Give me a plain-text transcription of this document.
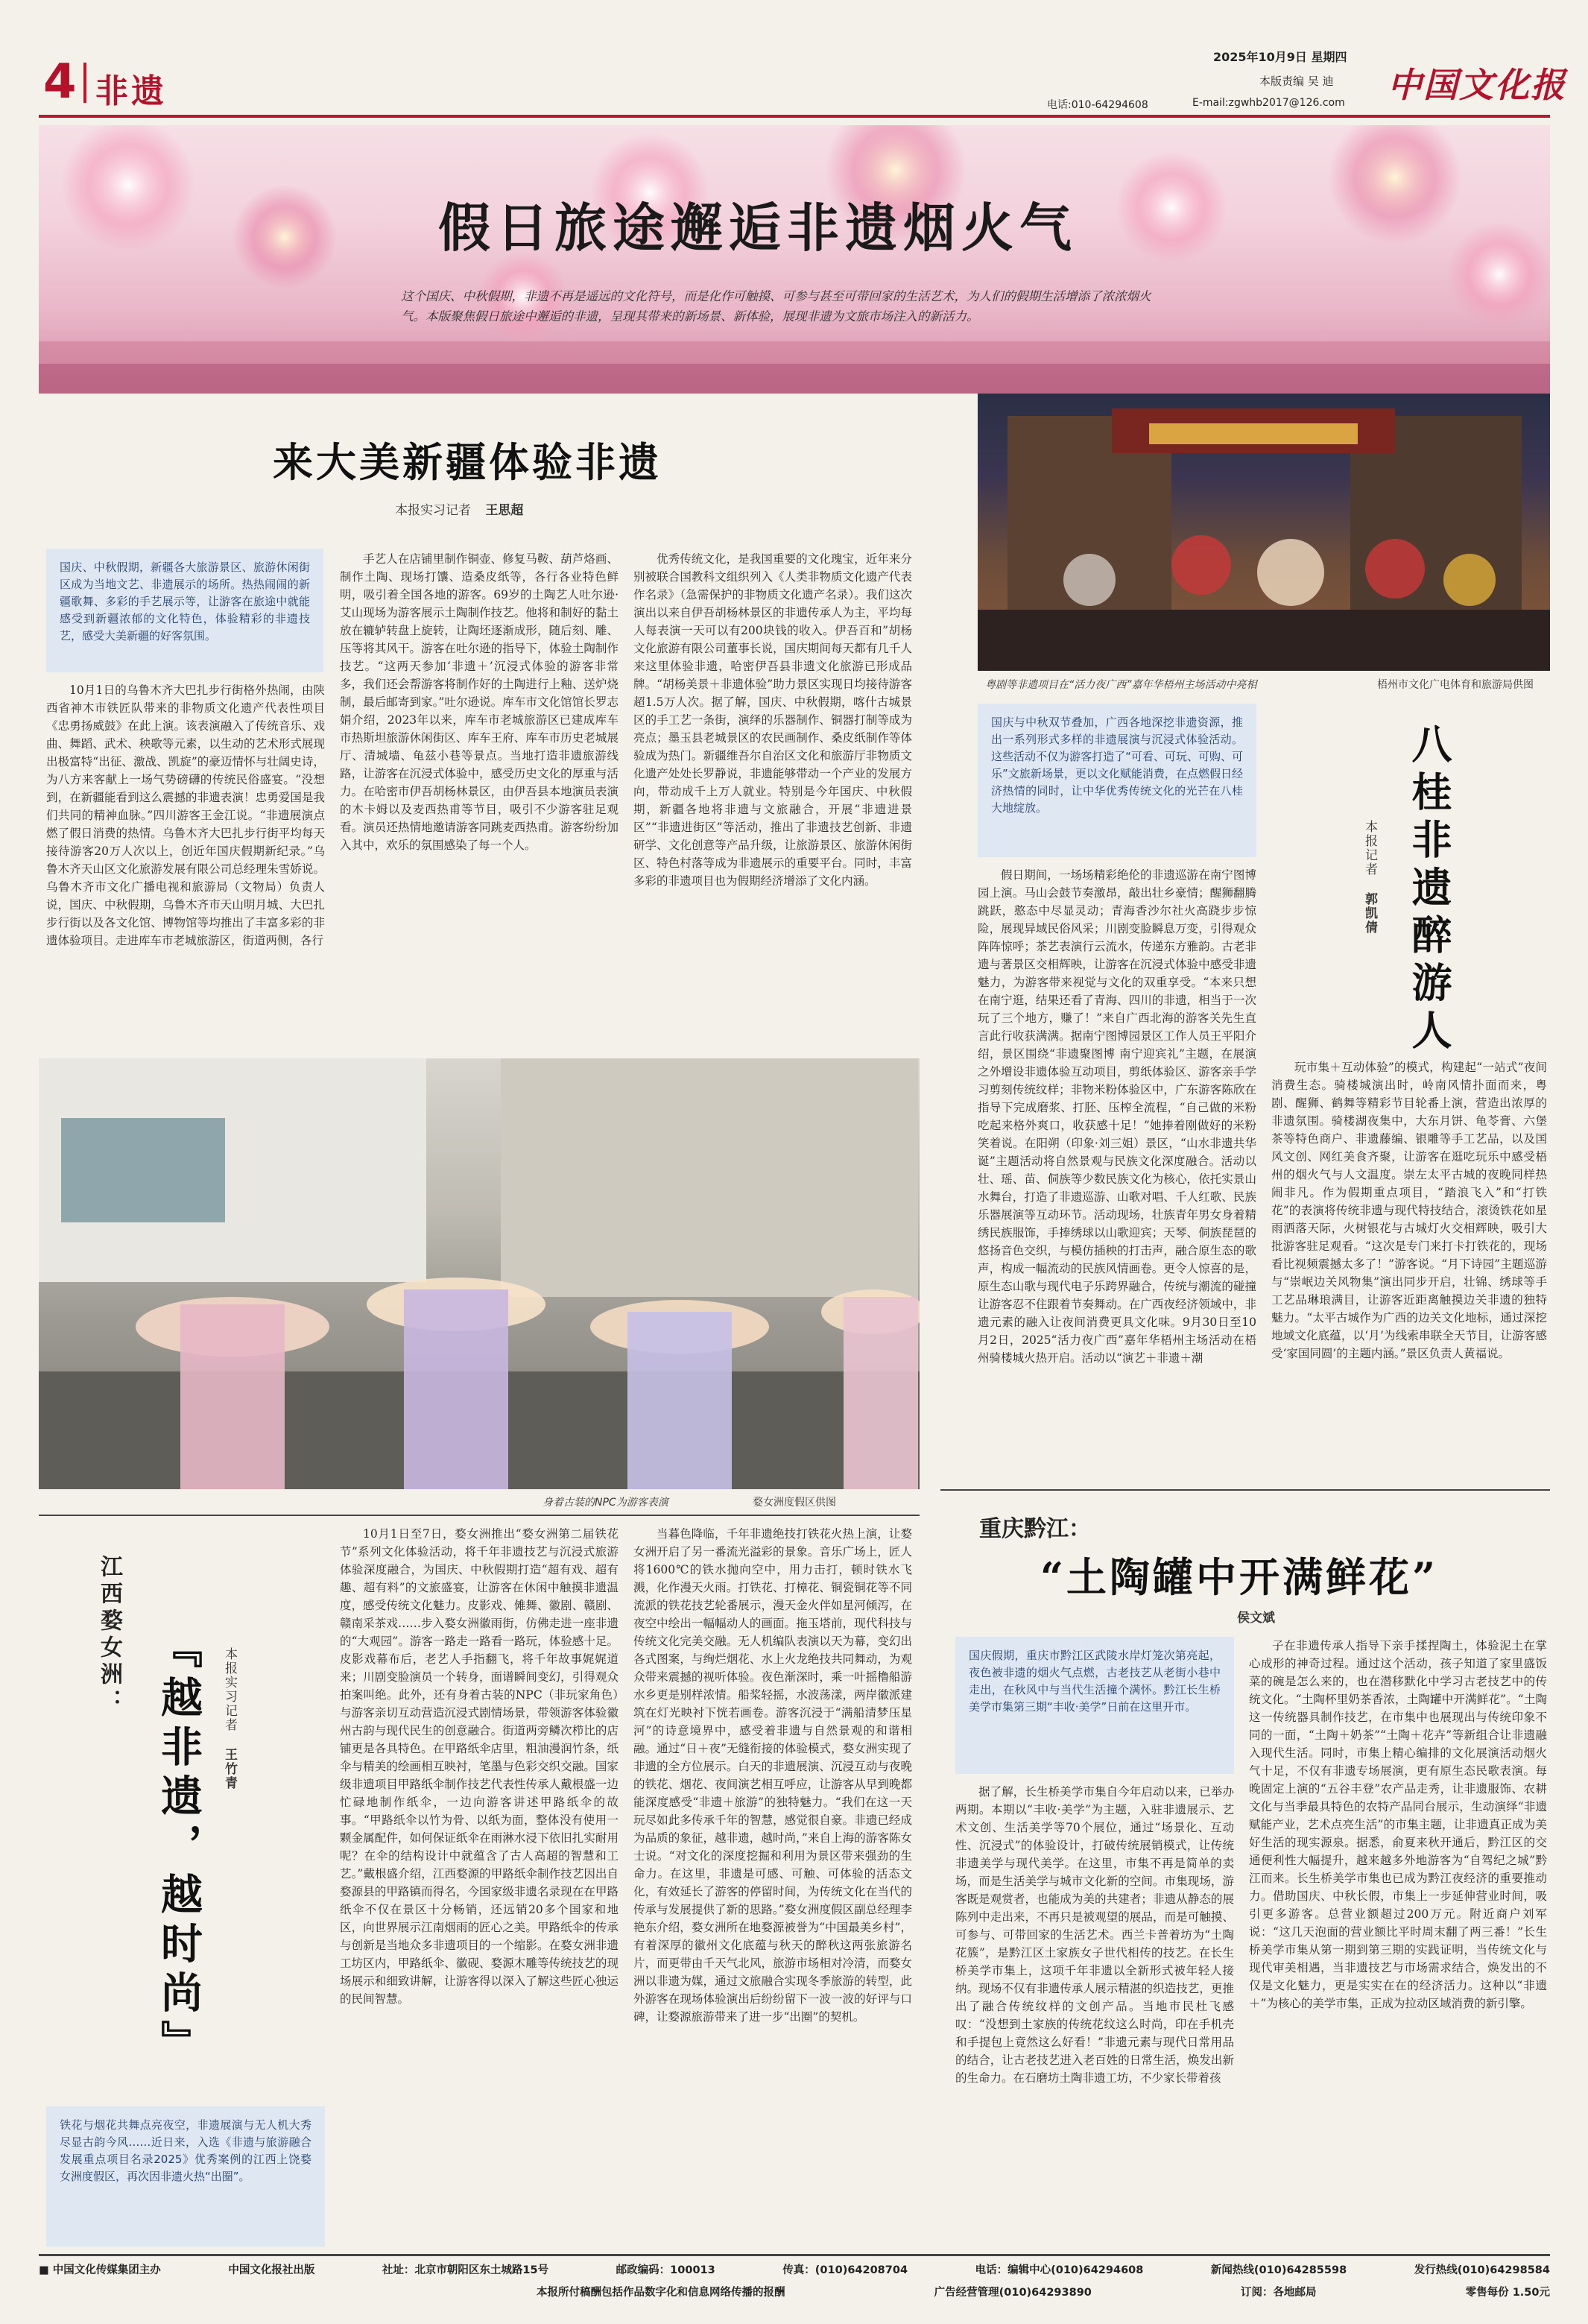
4 非遗
2025年10月9日 星期四
本版责编 吴 迪
电话:010-64294608	E-mail:zgwhb2017@126.com 中国文化报
假日旅途邂逅非遗烟火气
这个国庆、中秋假期，非遗不再是遥远的文化符号，而是化作可触摸、可参与甚至可带回家的生活艺术，为人们的假期生活增添了浓浓烟火气。本版聚焦假日旅途中邂逅的非遗，呈现其带来的新场景、新体验，展现非遗为文旅市场注入的新活力。
来大美新疆体验非遗
本报实习记者 王思超
国庆、中秋假期，新疆各大旅游景区、旅游休闲街区成为当地文艺、非遗展示的场所。热热闹闹的新疆歌舞、多彩的手艺展示等，让游客在旅途中就能感受到新疆浓郁的文化特色，体验精彩的非遗技艺，感受大美新疆的好客氛围。

10月1日的乌鲁木齐大巴扎步行街格外热闹，由陕西省神木市铁匠队带来的非物质文化遗产代表性项目《忠勇扬威鼓》在此上演。该表演融入了传统音乐、戏曲、舞蹈、武术、秧歌等元素，以生动的艺术形式展现出极富特“出征、激战、凯旋”的豪迈情怀与壮阔史诗，为八方来客献上一场气势磅礴的传统民俗盛宴。“没想到，在新疆能看到这么震撼的非遗表演！忠勇爱国是我们共同的精神血脉。”四川游客王金江说。“非遗展演点燃了假日消费的热情。乌鲁木齐大巴扎步行街平均每天接待游客20万人次以上，创近年国庆假期新纪录。”乌鲁木齐天山区文化旅游发展有限公司总经理朱雪娇说。乌鲁木齐市文化广播电视和旅游局（文物局）负责人说，国庆、中秋假期，乌鲁木齐市天山明月城、大巴扎步行街以及各文化馆、博物馆等均推出了丰富多彩的非遗体验项目。走进库车市老城旅游区，街道两侧，各行

手艺人在店铺里制作铜壶、修复马鞍、葫芦烙画、制作土陶、现场打馕、造桑皮纸等，各行各业特色鲜明，吸引着全国各地的游客。69岁的土陶艺人吐尔逊·艾山现场为游客展示土陶制作技艺。他将和制好的黏土放在辘轳转盘上旋转，让陶坯逐渐成形，随后刻、雕、压等将其风干。游客在吐尔逊的指导下，体验土陶制作技艺。“这两天参加‘非遗＋’沉浸式体验的游客非常多，我们还会帮游客将制作好的土陶进行上釉、送炉烧制，最后邮寄到家。”吐尔逊说。库车市文化馆馆长罗志娟介绍，2023年以来，库车市老城旅游区已建成库车市热斯坦旅游休闲街区、库车王府、库车市历史老城展厅、清城墙、龟兹小巷等景点。当地打造非遗旅游线路，让游客在沉浸式体验中，感受历史文化的厚重与活力。在哈密市伊吾胡杨林景区，由伊吾县本地演员表演的木卡姆以及麦西热甫等节目，吸引不少游客驻足观看。演员还热情地邀请游客同跳麦西热甫。游客纷纷加入其中，欢乐的氛围感染了每一个人。

优秀传统文化，是我国重要的文化瑰宝，近年来分别被联合国教科文组织列入《人类非物质文化遗产代表作名录》（急需保护的非物质文化遗产名录）。我们这次演出以来自伊吾胡杨林景区的非遗传承人为主，平均每人每表演一天可以有200块钱的收入。伊吾百和”胡杨文化旅游有限公司董事长说，国庆期间每天都有几千人来这里体验非遗，哈密伊吾县非遗文化旅游已形成品牌。“胡杨美景＋非遗体验”助力景区实现日均接待游客超1.5万人次。据了解，国庆、中秋假期，喀什古城景区的手工艺一条街，演绎的乐器制作、铜器打制等成为亮点；墨玉县老城景区的农民画制作、桑皮纸制作等体验成为热门。新疆维吾尔自治区文化和旅游厅非物质文化遗产处处长罗静说，非遗能够带动一个产业的发展方向，带动成千上万人就业。特别是今年国庆、中秋假期，新疆各地将非遗与文旅融合，开展“非遗进景区”“非遗进街区”等活动，推出了非遗技艺创新、非遗研学、文化创意等产品升级，让旅游景区、旅游休闲街区、特色村落等成为非遗展示的重要平台。同时，丰富多彩的非遗项目也为假期经济增添了文化内涵。

粤剧等非遗项目在“活力夜广西”嘉年华梧州主场活动中亮相	梧州市文化广电体育和旅游局供图
国庆与中秋双节叠加，广西各地深挖非遗资源，推出一系列形式多样的非遗展演与沉浸式体验活动。这些活动不仅为游客打造了“可看、可玩、可购、可乐”文旅新场景，更以文化赋能消费，在点燃假日经济热情的同时，让中华优秀传统文化的光芒在八桂大地绽放。	八桂非遗醉游人
本报记者 郭凯倩

假日期间，一场场精彩绝伦的非遗巡游在南宁图博园上演。马山会鼓节奏激昂，敲出壮乡豪情；醒狮翻腾跳跃，憨态中尽显灵动；青海香沙尔社火高跷步步惊险，展现异域民俗风采；川剧变脸瞬息万变，引得观众阵阵惊呼；茶艺表演行云流水，传递东方雅韵。古老非遗与著景区交相辉映，让游客在沉浸式体验中感受非遗魅力，为游客带来视觉与文化的双重享受。“本来只想在南宁逛，结果还看了青海、四川的非遗，相当于一次玩了三个地方，赚了！”来自广西北海的游客关先生直言此行收获满满。据南宁图博园景区工作人员王平阳介绍，景区围绕“非遗聚图博 南宁迎宾礼”主题，在展演之外增设非遗体验互动项目，剪纸体验区、游客亲手学习剪刻传统纹样；非物米粉体验区中，广东游客陈欣在指导下完成磨浆、打胚、压榨全流程，“自己做的米粉吃起来格外爽口，收获感十足！”她捧着刚做好的米粉笑着说。在阳朔（印象·刘三姐）景区，“山水非遗共华诞”主题活动将自然景观与民族文化深度融合。活动以壮、瑶、苗、侗族等少数民族文化为核心，依托实景山水舞台，打造了非遗巡游、山歌对唱、千人红歌、民族乐器展演等互动环节。活动现场，壮族青年男女身着精绣民族服饰，手捧绣球以山歌迎宾；天琴、侗族琵琶的悠扬音色交织，与模仿插秧的打击声，融合原生态的歌声，构成一幅流动的民族风情画卷。更令人惊喜的是，原生态山歌与现代电子乐跨界融合，传统与潮流的碰撞让游客忍不住跟着节奏舞动。在广西夜经济领域中，非遗元素的融入让夜间消费更具文化味。9月30日至10月2日，2025“活力夜广西”嘉年华梧州主场活动在梧州骑楼城火热开启。活动以“演艺＋非遗＋潮

玩市集＋互动体验”的模式，构建起“一站式”夜间消费生态。骑楼城演出时，岭南风情扑面而来，粤剧、醒狮、鹤舞等精彩节目轮番上演，营造出浓厚的非遗氛围。骑楼湖夜集中，大东月饼、龟苓膏、六堡茶等特色商户、非遗藤编、银雕等手工艺品，以及国风文创、网红美食齐聚，让游客在逛吃玩乐中感受梧州的烟火气与人文温度。崇左太平古城的夜晚同样热闹非凡。作为假期重点项目，“踏浪飞入”和“打铁花”的表演将传统非遗与现代特技结合，滚烫铁花如星雨洒落天际，火树银花与古城灯火交相辉映，吸引大批游客驻足观看。“这次是专门来打卡打铁花的，现场看比视频震撼太多了！”游客说。“月下诗园”主题巡游与“崇岷边关风物集”演出同步开启，壮锦、绣球等手工艺品琳琅满目，让游客近距离触摸边关非遗的独特魅力。“太平古城作为广西的边关文化地标，通过深挖地域文化底蕴，以‘月’为线索串联全天节目，让游客感受‘家国同圆’的主题内涵。”景区负责人黄福说。

身着古装的NPC为游客表演	婺女洲度假区供图
江西婺女洲： 『越非遗，越时尚』	本报实习记者 王竹青
铁花与烟花共舞点亮夜空，非遗展演与无人机大秀尽显古韵今风……近日来，入选《非遗与旅游融合发展重点项目名录2025》优秀案例的江西上饶婺女洲度假区，再次因非遗火热“出圈”。

10月1日至7日，婺女洲推出“婺女洲第二届铁花节”系列文化体验活动，将千年非遗技艺与沉浸式旅游体验深度融合，为国庆、中秋假期打造“超有戏、超有趣、超有料”的文旅盛宴，让游客在休闲中触摸非遗温度，感受传统文化魅力。皮影戏、傩舞、徽剧、赣剧、赣南采茶戏……步入婺女洲徽雨街，仿佛走进一座非遗的“大观园”。游客一路走一路看一路玩，体验感十足。皮影戏幕布后，老艺人手指翻飞，将千年故事娓娓道来；川剧变脸演员一个转身，面谱瞬间变幻，引得观众拍案叫绝。此外，还有身着古装的NPC（非玩家角色）与游客亲切互动营造沉浸式剧情场景，带领游客体验徽州古韵与现代民生的创意融合。街道两旁鳞次栉比的店铺更是各具特色。在甲路纸伞店里，粗油漫润竹条，纸伞与精美的绘画相互映衬，笔墨与色彩交织交融。国家级非遗项目甲路纸伞制作技艺代表性传承人戴根盛一边忙碌地制作纸伞，一边向游客讲述甲路纸伞的故事。“甲路纸伞以竹为骨、以纸为面，整体没有使用一颗金属配件，如何保证纸伞在雨淋水浸下依旧扎实耐用呢？在伞的结构设计中就蕴含了古人高超的智慧和工艺。”戴根盛介绍，江西婺源的甲路纸伞制作技艺因出自婺源县的甲路镇而得名，今国家级非遗名录现在在甲路纸伞不仅在景区十分畅销，还远销20多个国家和地区，向世界展示江南烟雨的匠心之美。甲路纸伞的传承与创新是当地众多非遗项目的一个缩影。在婺女洲非遗工坊区内，甲路纸伞、徽砚、婺源木雕等传统技艺的现场展示和细致讲解，让游客得以深入了解这些匠心独运的民间智慧。

当暮色降临，千年非遗绝技打铁花火热上演，让婺女洲开启了另一番流光溢彩的景象。音乐广场上，匠人将1600℃的铁水抛向空中，用力击打，顿时铁水飞溅，化作漫天火雨。打铁花、打樟花、铜瓷铜花等不同流派的铁花技艺轮番展示，漫天金火伴如星河倾泻，在夜空中绘出一幅幅动人的画面。拖玉塔前，现代科技与传统文化完美交融。无人机编队表演以天为幕，变幻出各式图案，与绚烂烟花、水上火龙绝技共同舞动，为观众带来震撼的视听体验。夜色渐深时，乘一叶摇橹船游水乡更是别样浓情。船桨轻摇，水波荡漾，两岸徽派建筑在灯光映衬下恍若画卷。游客沉浸于“满船清梦压星河”的诗意境界中，感受着非遗与自然景观的和谐相融。通过“日＋夜”无缝衔接的体验模式，婺女洲实现了非遗的全方位展示。白天的非遗展演、沉浸互动与夜晚的铁花、烟花、夜间演艺相互呼应，让游客从早到晚都能深度感受“非遗＋旅游”的独特魅力。“我们在这一天玩尽如此多传承千年的智慧，感觉很自豪。非遗已经成为品质的象征，越非遗，越时尚，”来自上海的游客陈女士说。“对文化的深度挖掘和利用为景区带来强劲的生命力。在这里，非遗是可感、可触、可体验的活态文化，有效延长了游客的停留时间，为传统文化在当代的传承与发展提供了新的思路。”婺女洲度假区副总经理李艳东介绍，婺女洲所在地婺源被誉为“中国最美乡村”，有着深厚的徽州文化底蕴与秋天的醉秋这两张旅游名片，而更带由千天气北风，旅游市场相对冷清，而婺女洲以非遗为媒，通过文旅融合实现冬季旅游的转型，此外游客在现场体验演出后纷纷留下一波一波的好评与口碑，让婺源旅游带来了进一步“出圈”的契机。

重庆黔江：
“土陶罐中开满鲜花”
侯文斌
国庆假期，重庆市黔江区武陵水岸灯笼次第亮起，夜色被非遗的烟火气点燃，古老技艺从老街小巷中走出，在秋风中与当代生活撞个满怀。黔江长生桥美学市集第三期“丰收·美学”日前在这里开市。

据了解，长生桥美学市集自今年启动以来，已举办两期。本期以“丰收·美学”为主题，入驻非遗展示、艺术文创、生活美学等70个展位，通过“场景化、互动性、沉浸式”的体验设计，打破传统展销模式，让传统非遗美学与现代美学。在这里，市集不再是简单的卖场，而是生活美学与城市文化新的空间。市集现场，游客既是观赏者，也能成为美的共建者；非遗从静态的展陈列中走出来，不再只是被观望的展品，而是可触摸、可参与、可带回家的生活艺术。西兰卡普着坊为“土陶花簇”，是黔江区土家族女子世代相传的技艺。在长生桥美学市集上，这项千年非遗以全新形式被年轻人接纳。现场不仅有非遗传承人展示精湛的织造技艺，更推出了融合传统纹样的文创产品。当地市民杜飞感叹：“没想到土家族的传统花纹这么时尚，印在手机壳和手提包上竟然这么好看！”非遗元素与现代日常用品的结合，让古老技艺进入老百姓的日常生活，焕发出新的生命力。在石磨坊土陶非遗工坊，不少家长带着孩

子在非遗传承人指导下亲手揉捏陶土，体验泥土在掌心成形的神奇过程。通过这个活动，孩子知道了家里盛饭菜的碗是怎么来的，也在潜移默化中学习古老技艺中的传统文化。“土陶杯里奶茶香浓，土陶罐中开满鲜花”。“土陶这一传统器具制作技艺，在市集中也展现出与传统印象不同的一面，“土陶＋奶茶”“土陶＋花卉”等新组合让非遗融入现代生活。同时，市集上精心编排的文化展演活动烟火气十足，不仅有非遗专场展演，更有原生态民歌表演。每晚固定上演的“五谷丰登”农产品走秀，让非遗服饰、农耕文化与当季最具特色的农特产品同台展示，生动演绎“非遗赋能产业，艺术点亮生活”的市集主题，让非遗真正成为美好生活的现实源泉。据悉，俞夏来秋开通后，黔江区的交通便利性大幅提升，越来越多外地游客为“自驾纪之城”黔江而来。长生桥美学市集也已成为黔江夜经济的重要推动力。借助国庆、中秋长假，市集上一步延伸营业时间，吸引更多游客。总营业额超过200万元。附近商户刘军说：“这几天泡面的营业额比平时周末翻了两三番！”长生桥美学市集从第一期到第三期的实践证明，当传统文化与现代审美相遇，当非遗技艺与市场需求结合，焕发出的不仅是文化魅力，更是实实在在的经济活力。这种以“非遗＋”为核心的美学市集，正成为拉动区域消费的新引擎。

■ 中国文化传媒集团主办	中国文化报社出版	社址：北京市朝阳区东土城路15号	邮政编码：100013	传真：(010)64208704	电话：编辑中心(010)64294608	新闻热线(010)64285598	发行热线(010)64298584
本报所付稿酬包括作品数字化和信息网络传播的报酬	广告经营管理(010)64293890	订阅：各地邮局	零售每份 1.50元
